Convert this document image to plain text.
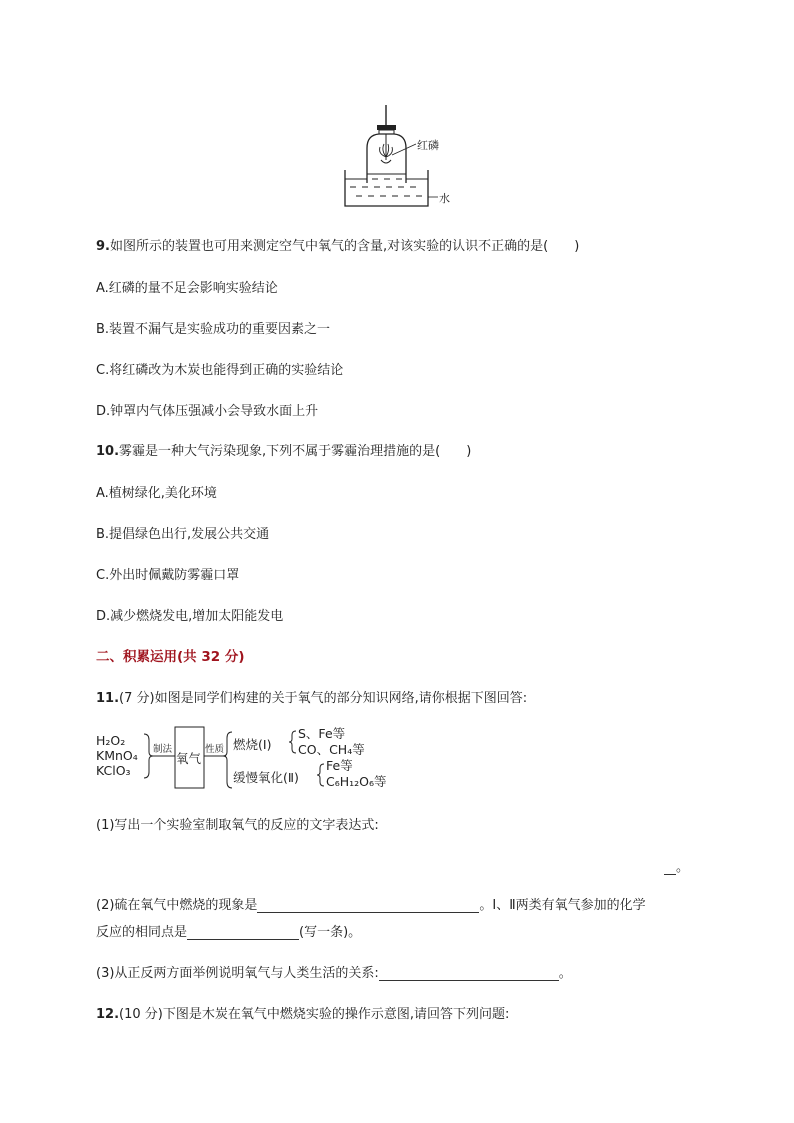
红磷
水
9.如图所示的装置也可用来测定空气中氧气的含量,对该实验的认识不正确的是( )
A.红磷的量不足会影响实验结论
B.装置不漏气是实验成功的重要因素之一
C.将红磷改为木炭也能得到正确的实验结论
D.钟罩内气体压强减小会导致水面上升
10.雾霾是一种大气污染现象,下列不属于雾霾治理措施的是( )
A.植树绿化,美化环境
B.提倡绿色出行,发展公共交通
C.外出时佩戴防雾霾口罩
D.减少燃烧发电,增加太阳能发电
二、积累运用(共 32 分)
11.(7 分)如图是同学们构建的关于氧气的部分知识网络,请你根据下图回答:
H₂O₂
KMnO₄
KClO₃
制法
氧气
性质 燃烧(Ⅰ)
S、Fe等
CO、CH₄等
缓慢氧化(Ⅱ)
Fe等
C₆H₁₂O₆等
(1)写出一个实验室制取氧气的反应的文字表达式:
。
(2)硫在氧气中燃烧的现象是	。Ⅰ、Ⅱ两类有氧气参加的化学
反应的相同点是	(写一条)。
(3)从正反两方面举例说明氧气与人类生活的关系:	。
12.(10 分)下图是木炭在氧气中燃烧实验的操作示意图,请回答下列问题:
